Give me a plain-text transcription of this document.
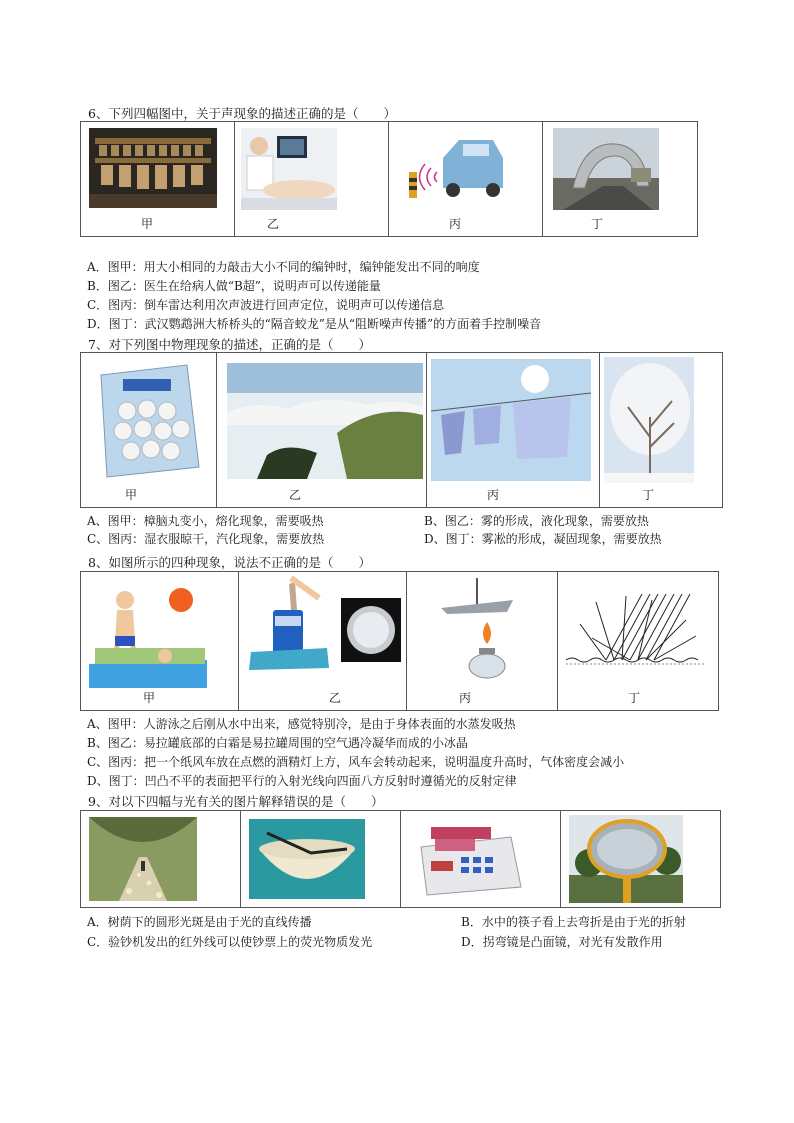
6、下列四幅图中，关于声现象的描述正确的是（　　）
甲	乙	丙	丁
A．图甲：用大小相同的力敲击大小不同的编钟时，编钟能发出不同的响度
B．图乙：医生在给病人做“B超”，说明声可以传递能量
C．图丙：倒车雷达利用次声波进行回声定位，说明声可以传递信息
D．图丁：武汉鹦鹉洲大桥桥头的“隔音蛟龙”是从“阻断噪声传播”的方面着手控制噪音
7、对下列图中物理现象的描述，正确的是（　　）
甲	乙	丙	丁
A、图甲：樟脑丸变小，熔化现象，需要吸热	B、图乙：雾的形成，液化现象，需要放热
C、图丙：湿衣服晾干，汽化现象，需要放热	D、图丁：雾凇的形成，凝固现象，需要放热
8、如图所示的四种现象，说法不正确的是（　　）
甲	乙	丙	丁
A、图甲：人游泳之后刚从水中出来，感觉特别冷，是由于身体表面的水蒸发吸热
B、图乙：易拉罐底部的白霜是易拉罐周围的空气遇冷凝华而成的小冰晶
C、图丙：把一个纸风车放在点燃的酒精灯上方，风车会转动起来，说明温度升高时，气体密度会减小
D、图丁：凹凸不平的表面把平行的入射光线向四面八方反射时遵循光的反射定律
9、对以下四幅与光有关的图片解释错误的是（　　）

A．树荫下的圆形光斑是由于光的直线传播	B．水中的筷子看上去弯折是由于光的折射
C．验钞机发出的红外线可以使钞票上的荧光物质发光	D．拐弯镜是凸面镜，对光有发散作用
